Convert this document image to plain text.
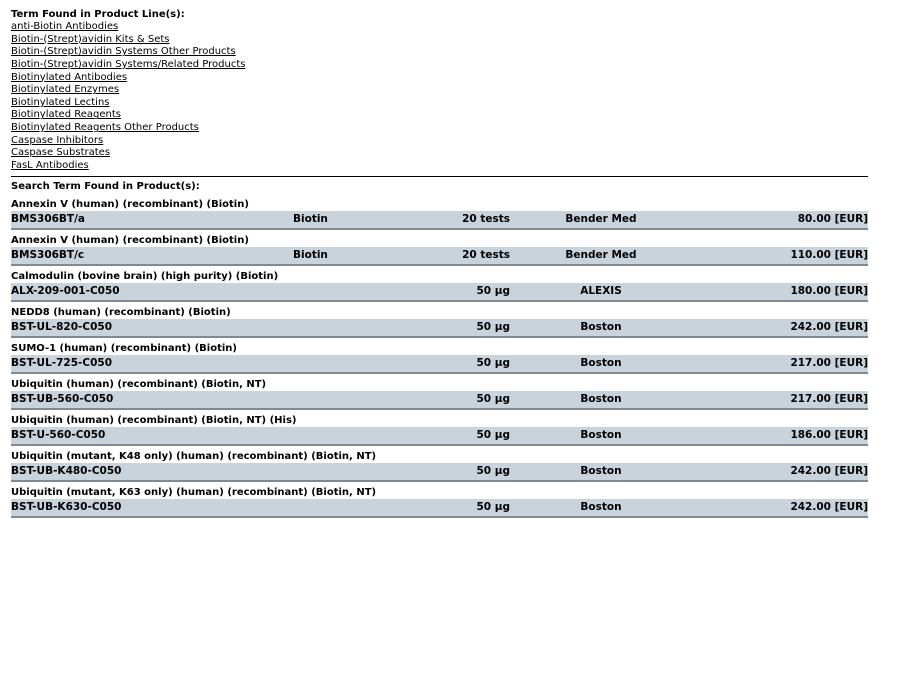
Term Found in Product Line(s):
anti-Biotin Antibodies
Biotin-(Strept)avidin Kits & Sets
Biotin-(Strept)avidin Systems Other Products
Biotin-(Strept)avidin Systems/Related Products
Biotinylated Antibodies
Biotinylated Enzymes
Biotinylated Lectins
Biotinylated Reagents
Biotinylated Reagents Other Products
Caspase Inhibitors
Caspase Substrates
FasL Antibodies
Search Term Found in Product(s):
Annexin V (human) (recombinant) (Biotin)
BMS306BT/a	Biotin	20 tests	Bender Med	80.00 [EUR]
Annexin V (human) (recombinant) (Biotin)
BMS306BT/c	Biotin	20 tests	Bender Med	110.00 [EUR]
Calmodulin (bovine brain) (high purity) (Biotin)
ALX-209-001-C050	50 µg	ALEXIS	180.00 [EUR]
NEDD8 (human) (recombinant) (Biotin)
BST-UL-820-C050	50 µg	Boston	242.00 [EUR]
SUMO-1 (human) (recombinant) (Biotin)
BST-UL-725-C050	50 µg	Boston	217.00 [EUR]
Ubiquitin (human) (recombinant) (Biotin, NT)
BST-UB-560-C050	50 µg	Boston	217.00 [EUR]
Ubiquitin (human) (recombinant) (Biotin, NT) (His)
BST-U-560-C050	50 µg	Boston	186.00 [EUR]
Ubiquitin (mutant, K48 only) (human) (recombinant) (Biotin, NT)
BST-UB-K480-C050	50 µg	Boston	242.00 [EUR]
Ubiquitin (mutant, K63 only) (human) (recombinant) (Biotin, NT)
BST-UB-K630-C050	50 µg	Boston	242.00 [EUR]
